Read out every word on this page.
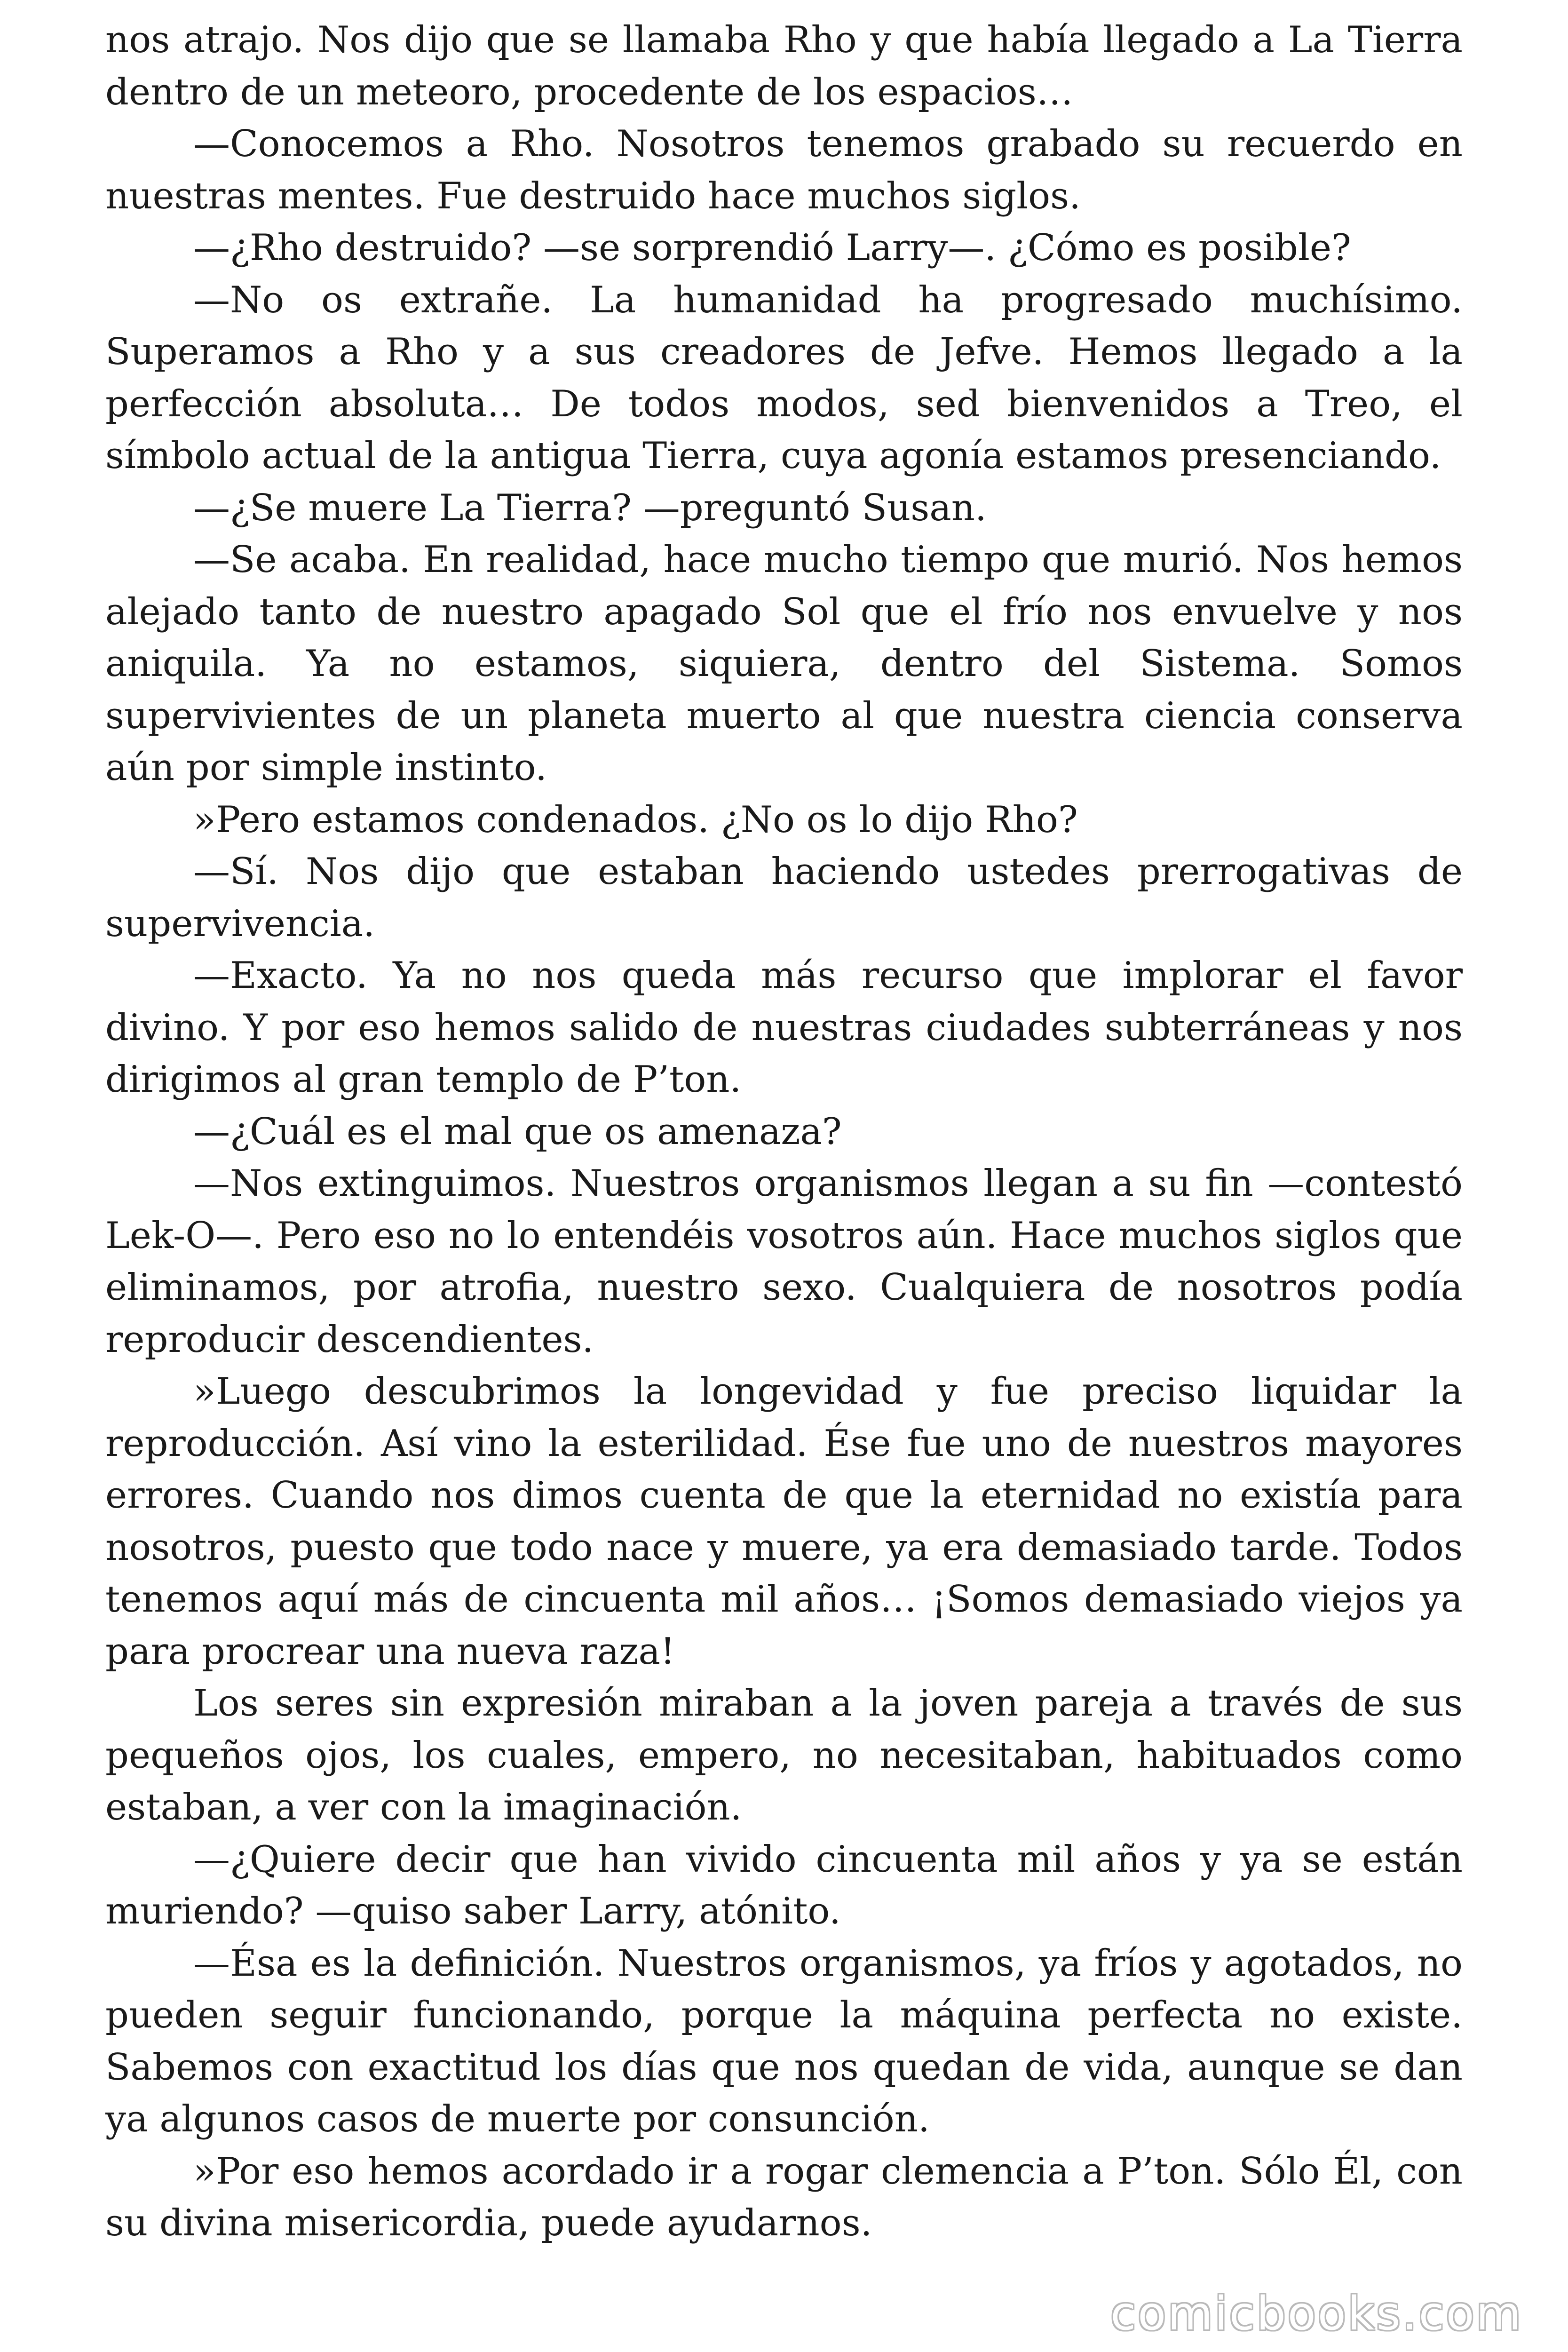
nos atrajo. Nos dijo que se llamaba Rho y que había llegado a La Tierra dentro de un meteoro, procedente de los espacios…

—Conocemos a Rho. Nosotros tenemos grabado su recuerdo en nuestras mentes. Fue destruido hace muchos siglos.

—¿Rho destruido? —se sorprendió Larry—. ¿Cómo es posible?

—No os extrañe. La humanidad ha progresado muchísimo. Superamos a Rho y a sus creadores de Jefve. Hemos llegado a la perfección absoluta… De todos modos, sed bienvenidos a Treo, el símbolo actual de la antigua Tierra, cuya agonía estamos presenciando.

—¿Se muere La Tierra? —preguntó Susan.

—Se acaba. En realidad, hace mucho tiempo que murió. Nos hemos alejado tanto de nuestro apagado Sol que el frío nos envuelve y nos aniquila. Ya no estamos, siquiera, dentro del Sistema. Somos supervivientes de un planeta muerto al que nuestra ciencia conserva aún por simple instinto.

»Pero estamos condenados. ¿No os lo dijo Rho?

—Sí. Nos dijo que estaban haciendo ustedes prerrogativas de supervivencia.

—Exacto. Ya no nos queda más recurso que implorar el favor divino. Y por eso hemos salido de nuestras ciudades subterráneas y nos dirigimos al gran templo de P’ton.

—¿Cuál es el mal que os amenaza?

—Nos extinguimos. Nuestros organismos llegan a su fin —contestó Lek-O—. Pero eso no lo entendéis vosotros aún. Hace muchos siglos que eliminamos, por atrofia, nuestro sexo. Cualquiera de nosotros podía reproducir descendientes.

»Luego descubrimos la longevidad y fue preciso liquidar la reproducción. Así vino la esterilidad. Ése fue uno de nuestros mayores errores. Cuando nos dimos cuenta de que la eternidad no existía para nosotros, puesto que todo nace y muere, ya era demasiado tarde. Todos tenemos aquí más de cincuenta mil años… ¡Somos demasiado viejos ya para procrear una nueva raza!

Los seres sin expresión miraban a la joven pareja a través de sus pequeños ojos, los cuales, empero, no necesitaban, habituados como estaban, a ver con la imaginación.

—¿Quiere decir que han vivido cincuenta mil años y ya se están muriendo? —quiso saber Larry, atónito.

—Ésa es la definición. Nuestros organismos, ya fríos y agotados, no pueden seguir funcionando, porque la máquina perfecta no existe. Sabemos con exactitud los días que nos quedan de vida, aunque se dan ya algunos casos de muerte por consunción.

»Por eso hemos acordado ir a rogar clemencia a P’ton. Sólo Él, con su divina misericordia, puede ayudarnos.

comicbooks.com
